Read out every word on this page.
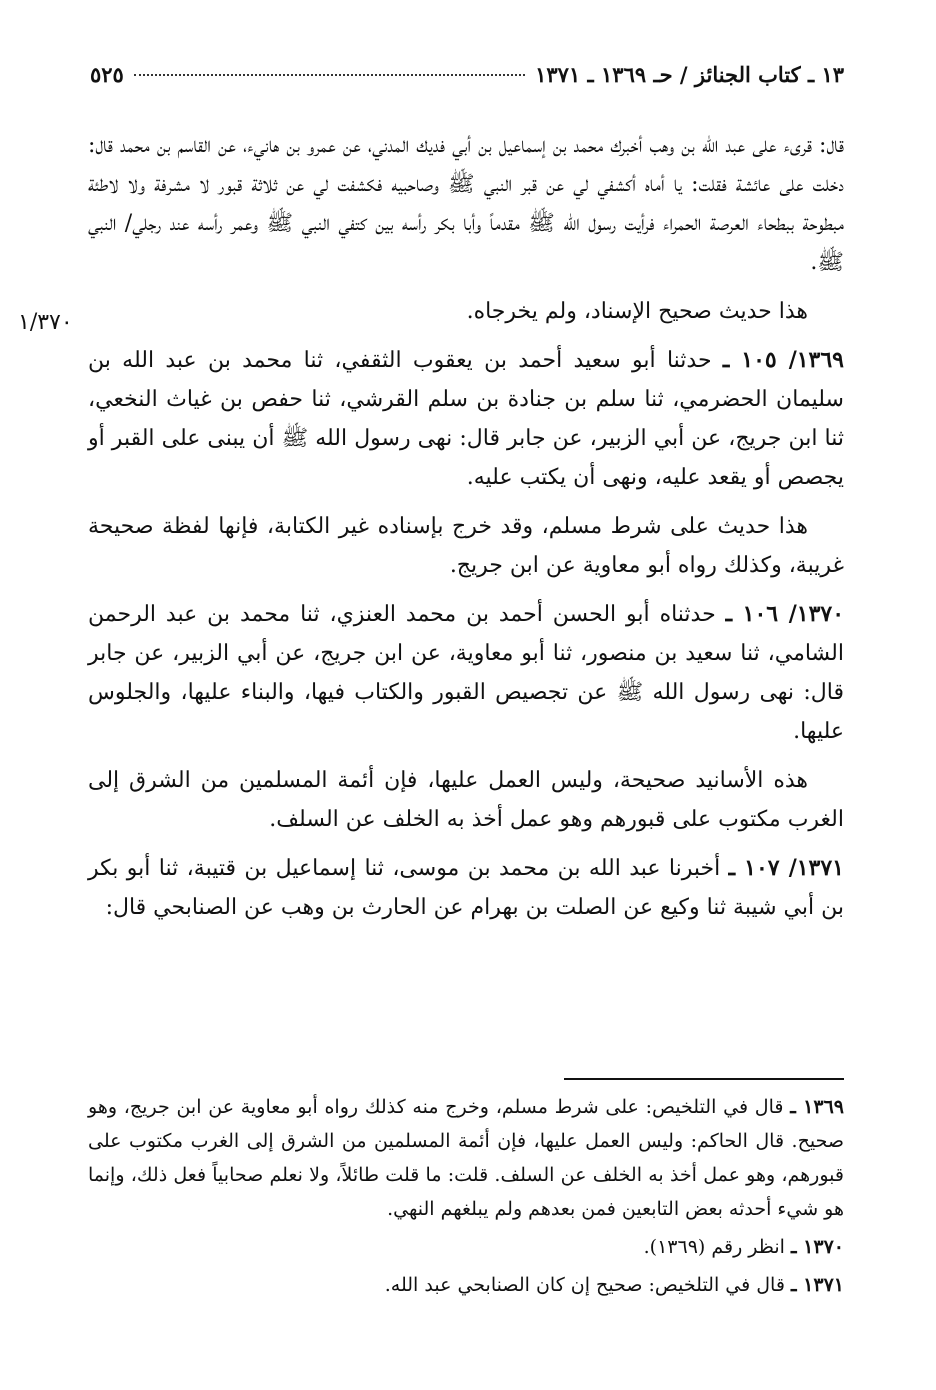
١٣ ـ كتاب الجنائز / حـ ١٣٦٩ ـ ١٣٧١
٥٢٥
١/٣٧٠

قال: قرىء على عبد الله بن وهب أخبرك محمد بن إسماعيل بن أبي فديك المدني، عن عمرو بن هانيء، عن القاسم بن محمد قال: دخلت على عائشة فقلت: يا أماه أكشفي لي عن قبر النبي ﷺ وصاحبيه فكشفت لي عن ثلاثة قبور لا مشرفة ولا لاطئة مبطوحة ببطحاء العرصة الحمراء فرأيت رسول الله ﷺ مقدماً وأبا بكر رأسه بين كتفي النبي ﷺ وعمر رأسه عند رجلي/ النبي ﷺ.

هذا حديث صحيح الإسناد، ولم يخرجاه.

١٣٦٩/ ١٠٥ ـ حدثنا أبو سعيد أحمد بن يعقوب الثقفي، ثنا محمد بن عبد الله بن سليمان الحضرمي، ثنا سلم بن جنادة بن سلم القرشي، ثنا حفص بن غياث النخعي، ثنا ابن جريج، عن أبي الزبير، عن جابر قال: نهى رسول الله ﷺ أن يبنى على القبر أو يجصص أو يقعد عليه، ونهى أن يكتب عليه.

هذا حديث على شرط مسلم، وقد خرج بإسناده غير الكتابة، فإنها لفظة صحيحة غريبة، وكذلك رواه أبو معاوية عن ابن جريج.

١٣٧٠/ ١٠٦ ـ حدثناه أبو الحسن أحمد بن محمد العنزي، ثنا محمد بن عبد الرحمن الشامي، ثنا سعيد بن منصور، ثنا أبو معاوية، عن ابن جريج، عن أبي الزبير، عن جابر قال: نهى رسول الله ﷺ عن تجصيص القبور والكتاب فيها، والبناء عليها، والجلوس عليها.

هذه الأسانيد صحيحة، وليس العمل عليها، فإن أئمة المسلمين من الشرق إلى الغرب مكتوب على قبورهم وهو عمل أخذ به الخلف عن السلف.

١٣٧١/ ١٠٧ ـ أخبرنا عبد الله بن محمد بن موسى، ثنا إسماعيل بن قتيبة، ثنا أبو بكر بن أبي شيبة ثنا وكيع عن الصلت بن بهرام عن الحارث بن وهب عن الصنابحي قال:

١٣٦٩ ـ قال في التلخيص: على شرط مسلم، وخرج منه كذلك رواه أبو معاوية عن ابن جريج، وهو صحيح. قال الحاكم: وليس العمل عليها، فإن أئمة المسلمين من الشرق إلى الغرب مكتوب على قبورهم، وهو عمل أخذ به الخلف عن السلف. قلت: ما قلت طائلاً، ولا نعلم صحابياً فعل ذلك، وإنما هو شيء أحدثه بعض التابعين فمن بعدهم ولم يبلغهم النهي.

١٣٧٠ ـ انظر رقم (١٣٦٩).

١٣٧١ ـ قال في التلخيص: صحيح إن كان الصنابحي عبد الله.
